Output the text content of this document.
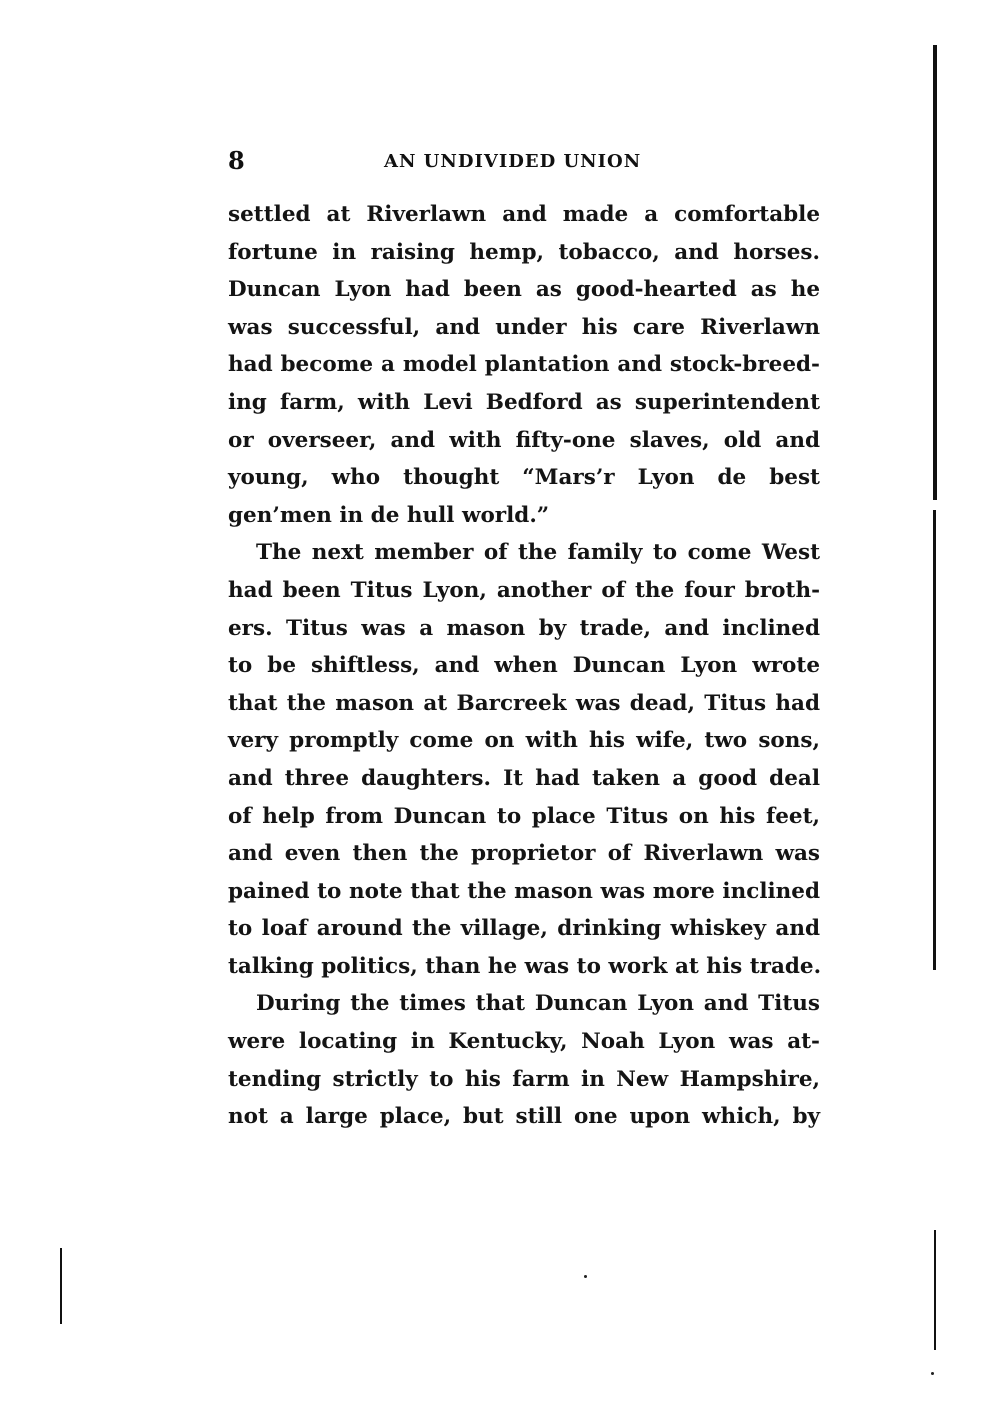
8	AN UNDIVIDED UNION
settled at Riverlawn and made a comfortable
fortune in raising hemp, tobacco, and horses.
Duncan Lyon had been as good-hearted as he
was successful, and under his care Riverlawn
had become a model plantation and stock-breed-
ing farm, with Levi Bedford as superintendent
or overseer, and with fifty-one slaves, old and
young, who thought “Mars’r Lyon de best
gen’men in de hull world.”
The next member of the family to come West
had been Titus Lyon, another of the four broth-
ers. Titus was a mason by trade, and inclined
to be shiftless, and when Duncan Lyon wrote
that the mason at Barcreek was dead, Titus had
very promptly come on with his wife, two sons,
and three daughters. It had taken a good deal
of help from Duncan to place Titus on his feet,
and even then the proprietor of Riverlawn was
pained to note that the mason was more inclined
to loaf around the village, drinking whiskey and
talking politics, than he was to work at his trade.
During the times that Duncan Lyon and Titus
were locating in Kentucky, Noah Lyon was at-
tending strictly to his farm in New Hampshire,
not a large place, but still one upon which, by
